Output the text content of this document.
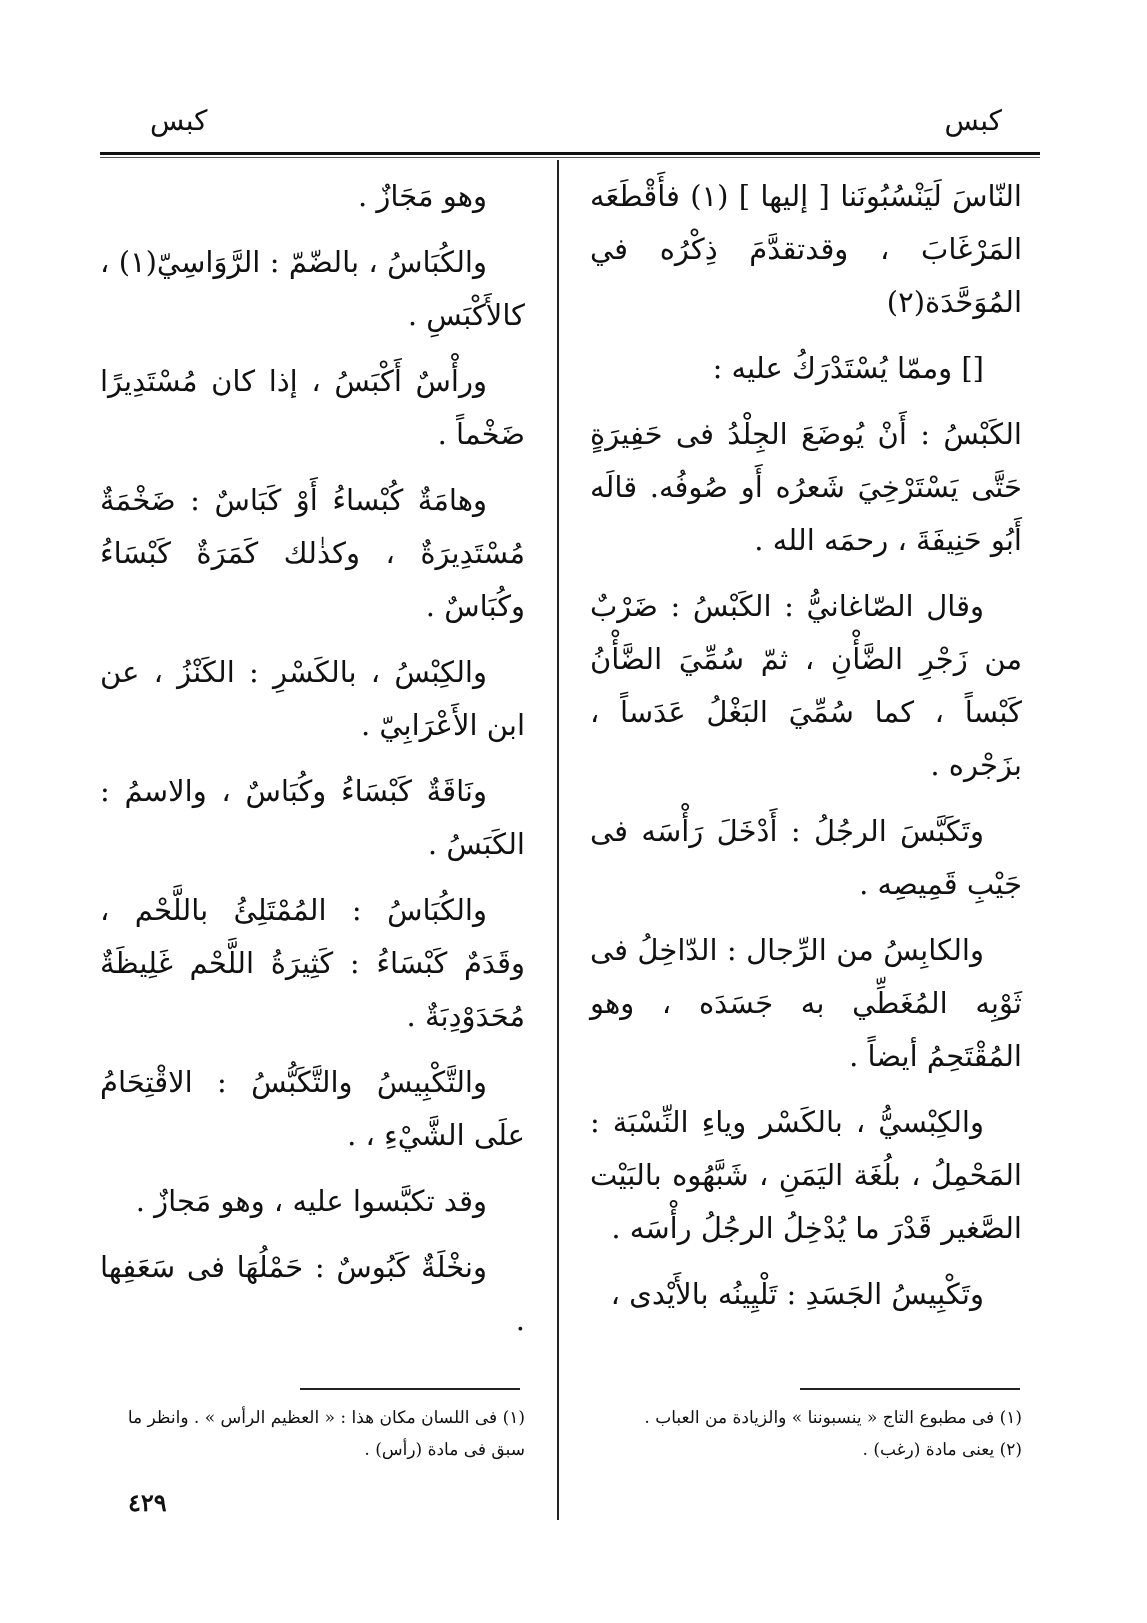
كبس
كبس

النّاسَ لَيَنْسُبُونَنا [ إليها ] (١) فأَقْطَعَه المَرْغَابَ ، وقدتقدَّمَ ذِكْرُه في المُوَحَّدَة(٢)

[] وممّا يُسْتَدْرَكُ عليه :

الكَبْسُ : أَنْ يُوضَعَ الجِلْدُ فى حَفِيرَةٍ حَتَّى يَسْتَرْخِيَ شَعرُه أَو صُوفُه. قالَه أَبُو حَنِيفَةَ ، رحمَه الله .

وقال الصّاغانيُّ : الكَبْسُ : ضَرْبٌ من زَجْرِ الضَّأْنِ ، ثمّ سُمِّيَ الضَّأْنُ كَبْساً ، كما سُمِّيَ البَغْلُ عَدَساً ، بزَجْره .

وتَكَبَّسَ الرجُلُ : أَدْخَلَ رَأْسَه فى جَيْبِ قَمِيصِه .

والكابِسُ من الرِّجال : الدّاخِلُ فى ثَوْبِه المُغَطِّي به جَسَدَه ، وهو المُقْتَحِمُ أيضاً .

والكِبْسيُّ ، بالكَسْر وياءِ النِّسْبَة : المَحْمِلُ ، بلُغَة اليَمَنِ ، شَبَّهُوه بالبَيْت الصَّغير قَدْرَ ما يُدْخِلُ الرجُلُ رأْسَه .

وتَكْبِيسُ الجَسَدِ : تَلْيِينُه بالأَيْدى ،

وهو مَجَازٌ .

والكُبَاسُ ، بالضّمّ : الرَّوَاسِيّ(١) ، كالأَكْبَسِ .

ورأْسٌ أَكْبَسُ ، إذا كان مُسْتَدِيرًا ضَخْماً .

وهامَةٌ كُبْساءُ أَوْ كَبَاسٌ : ضَخْمَةٌ مُسْتَدِيرَةٌ ، وكذٰلك كَمَرَةٌ كَبْسَاءُ وكُبَاسٌ .

والكِبْسُ ، بالكَسْرِ : الكَنْزُ ، عن ابن الأَعْرَابِيّ .

ونَاقَةٌ كَبْسَاءُ وكُبَاسٌ ، والاسمُ : الكَبَسُ .

والكُبَاسُ : المُمْتَلِئُ باللَّحْم ، وقَدَمٌ كَبْسَاءُ : كَثِيرَةُ اللَّحْم غَلِيظَةٌ مُحَدَوْدِبَةٌ .

والتَّكْبِيسُ والتَّكَبُّسُ : الاقْتِحَامُ علَى الشَّيْءِ ، .

وقد تكبَّسوا عليه ، وهو مَجازٌ .

ونخْلَةٌ كَبُوسٌ : حَمْلُهَا فى سَعَفِها .

(١) فى مطبوع التاج « ينسبوننا » والزيادة من العباب .

(٢) يعنى مادة (رغب) .

(١) فى اللسان مكان هذا : « العظيم الرأس » . وانظر ما سبق فى مادة (رأس) .

٤٢٩
